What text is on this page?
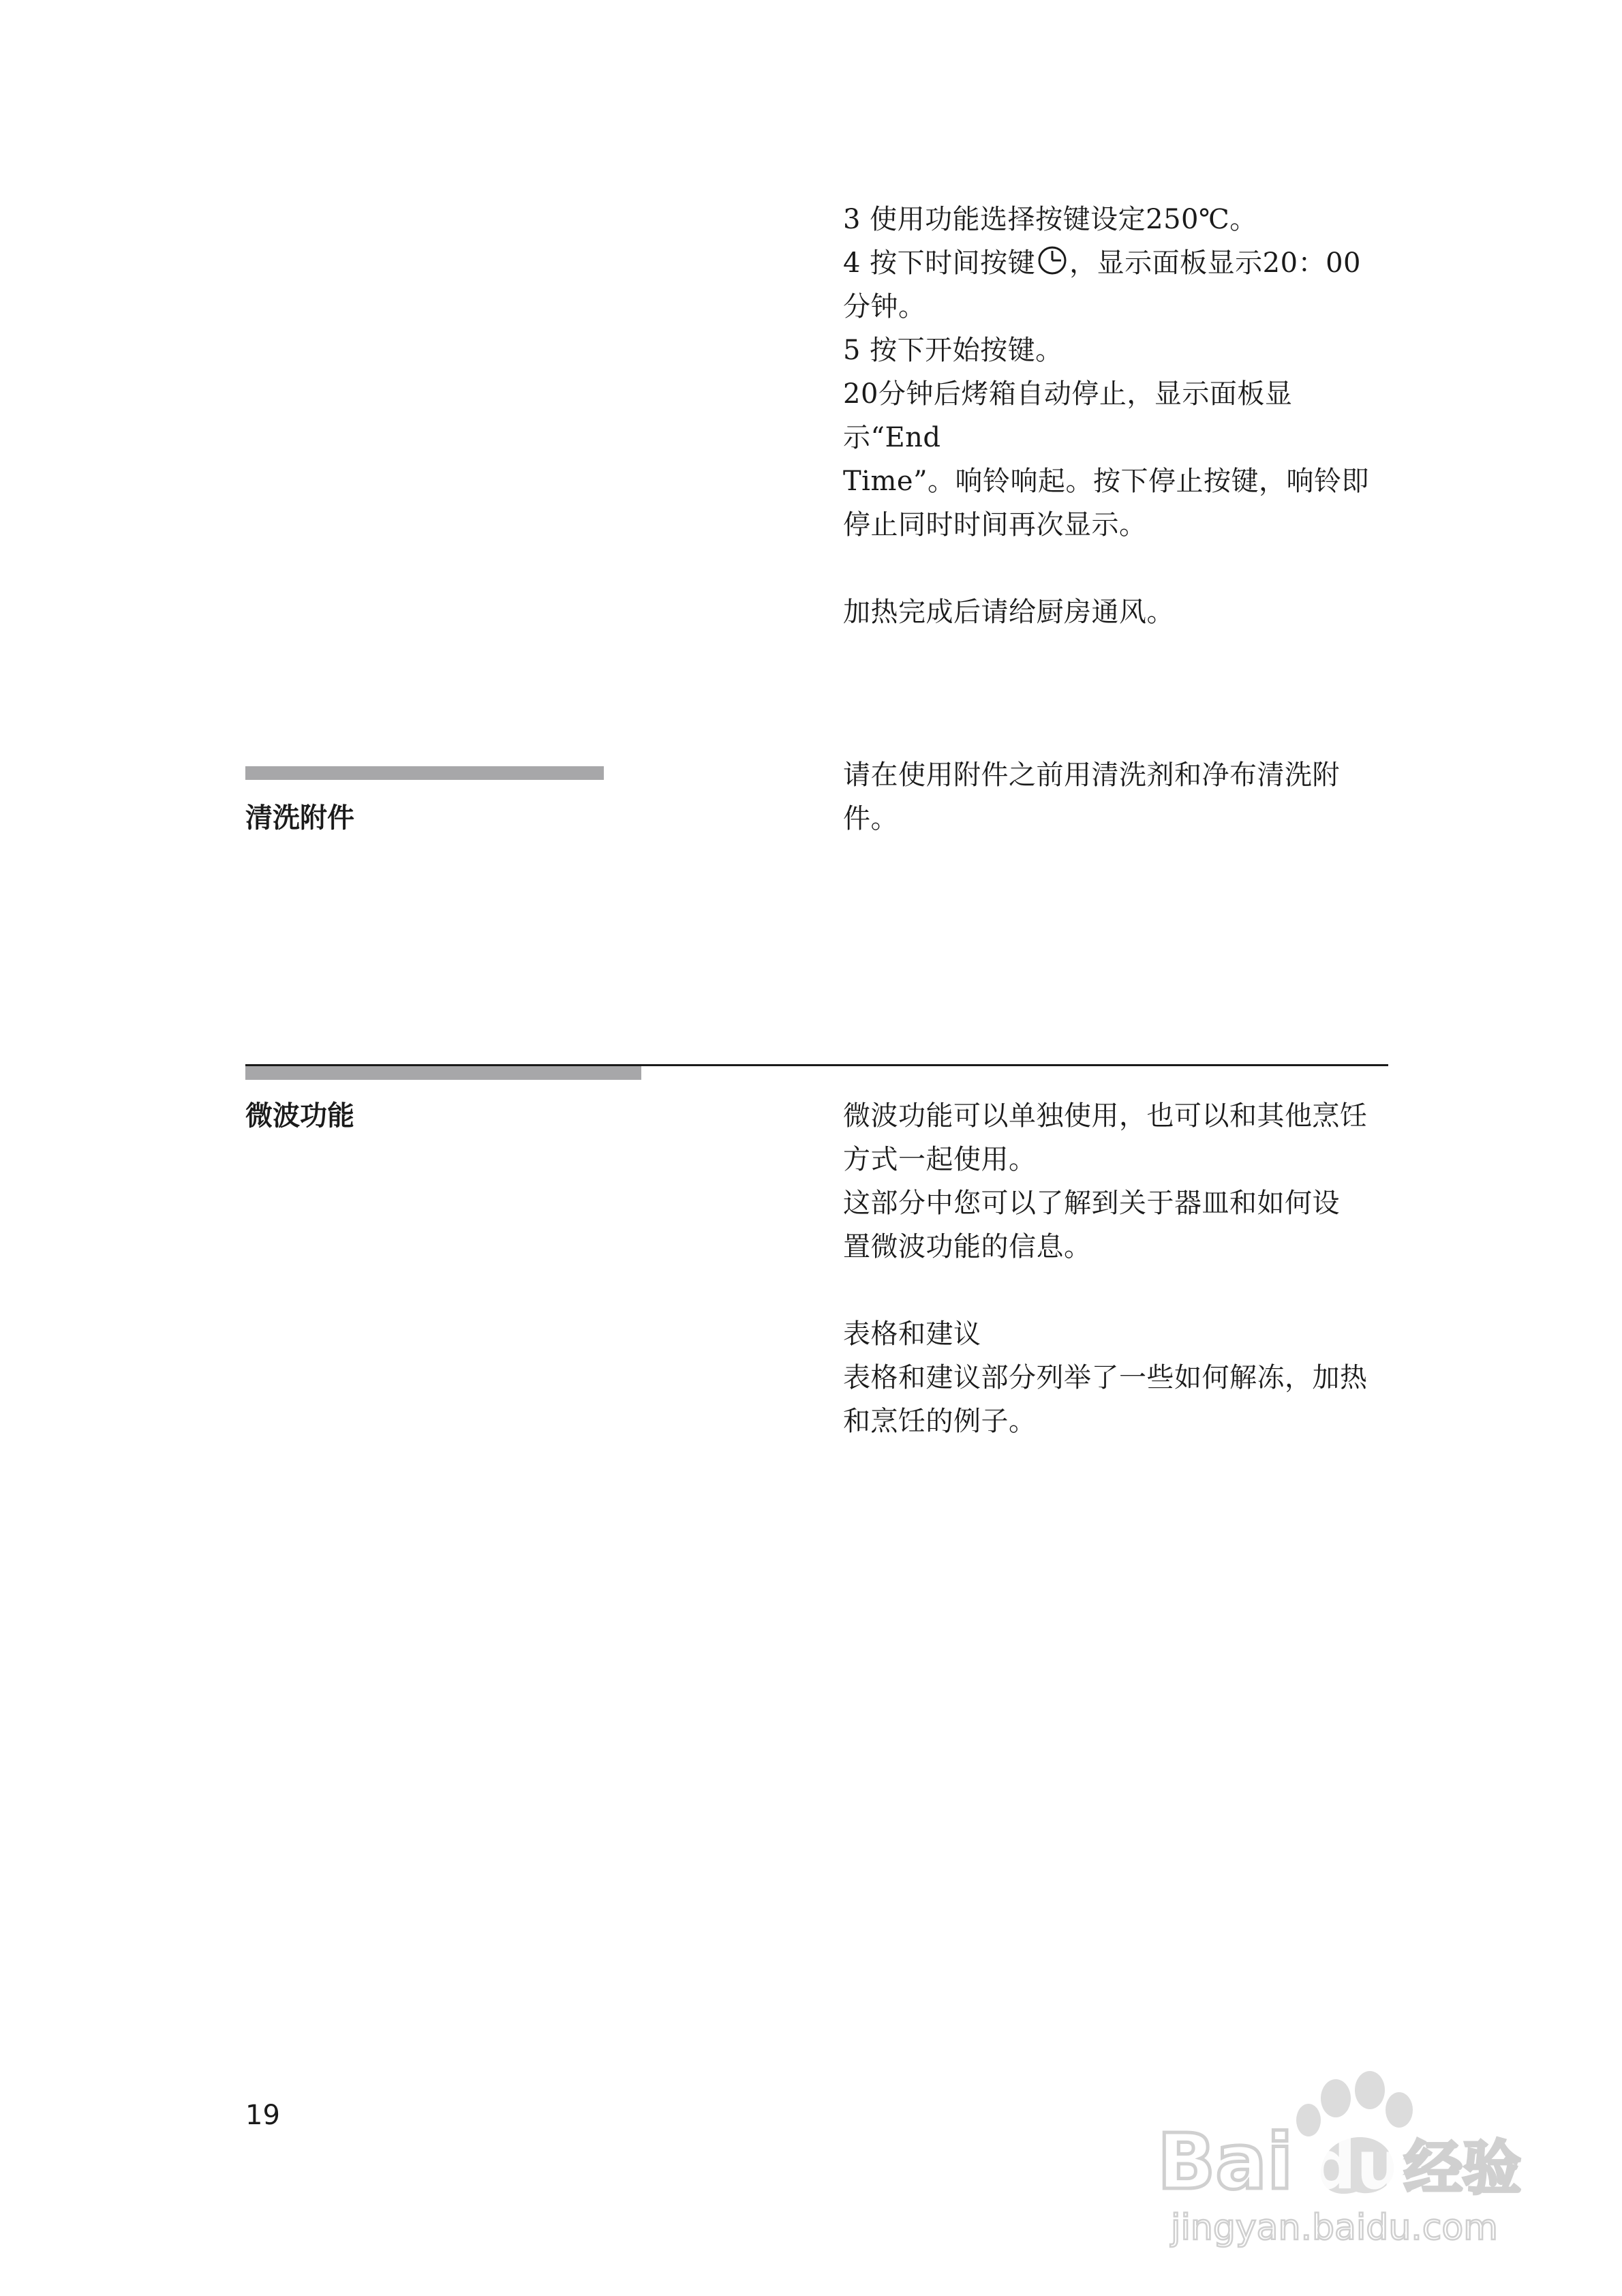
3 使用功能选择按键设定250℃。

4 按下时间按键 ，显示面板显示20：00

分钟。

5 按下开始按键。

20分钟后烤箱自动停止，显示面板显示“End

Time”。响铃响起。按下停止按键，响铃即

停止同时时间再次显示。

加热完成后请给厨房通风。

清洗附件

请在使用附件之前用清洗剂和净布清洗附

件。

微波功能	微波功能可以单独使用，也可以和其他烹饪

方式一起使用。

这部分中您可以了解到关于器皿和如何设

置微波功能的信息。

表格和建议

表格和建议部分列举了一些如何解冻，加热

和烹饪的例子。

19
Bai du 经验
jingyan.baidu.com
